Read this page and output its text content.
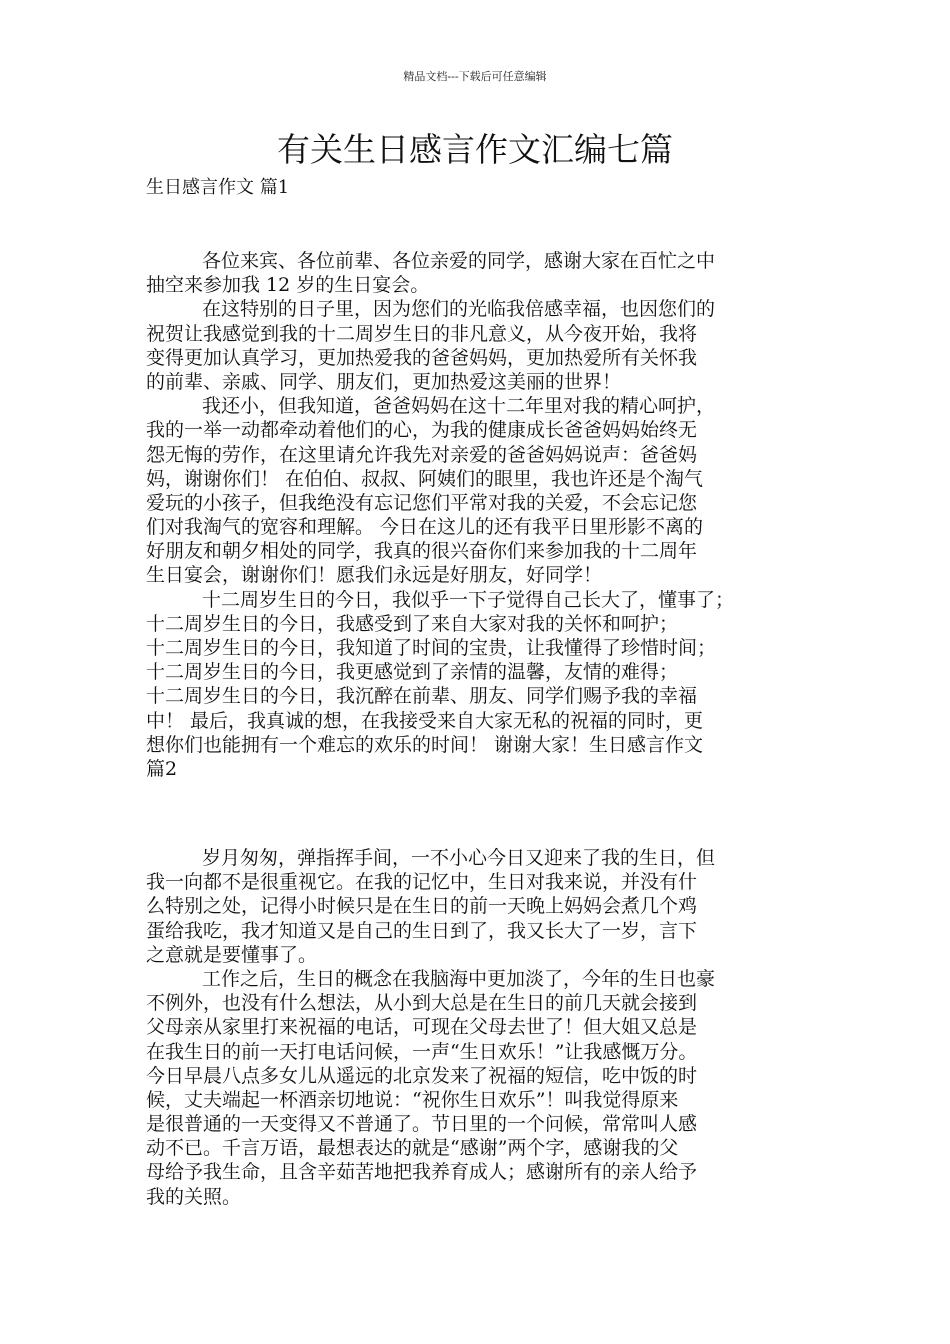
精品文档---下载后可任意编辑
有关生日感言作文汇编七篇
生日感言作文 篇1
各位来宾、各位前辈、各位亲爱的同学，感谢大家在百忙之中
抽空来参加我 12 岁的生日宴会。
在这特别的日子里，因为您们的光临我倍感幸福，也因您们的
祝贺让我感觉到我的十二周岁生日的非凡意义，从今夜开始，我将
变得更加认真学习，更加热爱我的爸爸妈妈，更加热爱所有关怀我
的前辈、亲戚、同学、朋友们，更加热爱这美丽的世界！
我还小，但我知道，爸爸妈妈在这十二年里对我的精心呵护，
我的一举一动都牵动着他们的心，为我的健康成长爸爸妈妈始终无
怨无悔的劳作，在这里请允许我先对亲爱的爸爸妈妈说声：爸爸妈
妈，谢谢你们！ 在伯伯、叔叔、阿姨们的眼里，我也许还是个淘气
爱玩的小孩子，但我绝没有忘记您们平常对我的关爱，不会忘记您
们对我淘气的宽容和理解。 今日在这儿的还有我平日里形影不离的
好朋友和朝夕相处的同学，我真的很兴奋你们来参加我的十二周年
生日宴会，谢谢你们！愿我们永远是好朋友，好同学！
十二周岁生日的今日，我似乎一下子觉得自己长大了，懂事了；
十二周岁生日的今日，我感受到了来自大家对我的关怀和呵护；
十二周岁生日的今日，我知道了时间的宝贵，让我懂得了珍惜时间；
十二周岁生日的今日，我更感觉到了亲情的温馨，友情的难得；
十二周岁生日的今日，我沉醉在前辈、朋友、同学们赐予我的幸福
中！ 最后，我真诚的想，在我接受来自大家无私的祝福的同时，更
想你们也能拥有一个难忘的欢乐的时间！ 谢谢大家！生日感言作文
篇2
岁月匆匆，弹指挥手间，一不小心今日又迎来了我的生日，但
我一向都不是很重视它。在我的记忆中，生日对我来说，并没有什
么特别之处，记得小时候只是在生日的前一天晚上妈妈会煮几个鸡
蛋给我吃，我才知道又是自己的生日到了，我又长大了一岁，言下
之意就是要懂事了。
工作之后，生日的概念在我脑海中更加淡了，今年的生日也豪
不例外，也没有什么想法，从小到大总是在生日的前几天就会接到
父母亲从家里打来祝福的电话，可现在父母去世了！但大姐又总是
在我生日的前一天打电话问候，一声“生日欢乐！”让我感慨万分。
今日早晨八点多女儿从遥远的北京发来了祝福的短信，吃中饭的时
候，丈夫端起一杯酒亲切地说：“祝你生日欢乐”！叫我觉得原来
是很普通的一天变得又不普通了。节日里的一个问候，常常叫人感
动不已。千言万语，最想表达的就是“感谢”两个字，感谢我的父
母给予我生命，且含辛茹苦地把我养育成人；感谢所有的亲人给予
我的关照。
